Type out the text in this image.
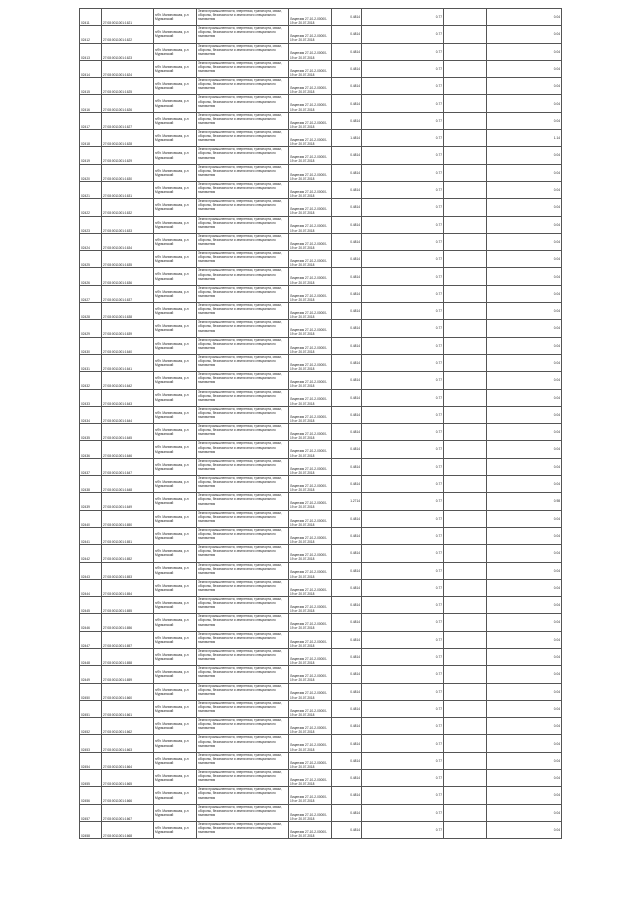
02411	27:08:0011001:1621	п/бт. Малиновская, р-н Мурманский	Земли промышленности, энергетики, транспорта, связи, обороны, безопасности и земли иного специального назначения	Лицензия 27-10-2-00000-19 от 20.07.2018	0.4814	0.77		0.04
02412	27:08:0011001:1622	п/бт. Малиновская, р-н Мурманский	Земли промышленности, энергетики, транспорта, связи, обороны, безопасности и земли иного специального назначения	Лицензия 27-10-2-00000-19 от 20.07.2018	0.4814	0.77		0.04
02413	27:08:0011001:1623	п/бт. Малиновская, р-н Мурманский	Земли промышленности, энергетики, транспорта, связи, обороны, безопасности и земли иного специального назначения	Лицензия 27-10-2-00000-19 от 20.07.2018	0.4814	0.77		0.04
02414	27:08:0011001:1624	п/бт. Малиновская, р-н Мурманский	Земли промышленности, энергетики, транспорта, связи, обороны, безопасности и земли иного специального назначения	Лицензия 27-10-2-00000-19 от 20.07.2018	0.4814	0.77		0.04
02415	27:08:0011001:1625	п/бт. Малиновская, р-н Мурманский	Земли промышленности, энергетики, транспорта, связи, обороны, безопасности и земли иного специального назначения	Лицензия 27-10-2-00000-19 от 20.07.2018	0.4814	0.77		0.04
02416	27:08:0011001:1626	п/бт. Малиновская, р-н Мурманский	Земли промышленности, энергетики, транспорта, связи, обороны, безопасности и земли иного специального назначения	Лицензия 27-10-2-00000-19 от 20.07.2018	0.4814	0.77		0.04
02417	27:08:0011001:1627	п/бт. Малиновская, р-н Мурманский	Земли промышленности, энергетики, транспорта, связи, обороны, безопасности и земли иного специального назначения	Лицензия 27-10-2-00000-19 от 20.07.2018	0.4814	0.77		0.04
02418	27:08:0011001:1628	п/бт. Малиновская, р-н Мурманский	Земли промышленности, энергетики, транспорта, связи, обороны, безопасности и земли иного специального назначения	Лицензия 27-10-2-00000-19 от 20.07.2018	1.4814	0.77		1.14
02419	27:08:0011001:1629	п/бт. Малиновская, р-н Мурманский	Земли промышленности, энергетики, транспорта, связи, обороны, безопасности и земли иного специального назначения	Лицензия 27-10-2-00000-19 от 20.07.2018	0.4814	0.77		0.04
02420	27:08:0011001:1630	п/бт. Малиновская, р-н Мурманский	Земли промышленности, энергетики, транспорта, связи, обороны, безопасности и земли иного специального назначения	Лицензия 27-10-2-00000-19 от 20.07.2018	0.4814	0.77		0.04
02421	27:08:0011001:1631	п/бт. Малиновская, р-н Мурманский	Земли промышленности, энергетики, транспорта, связи, обороны, безопасности и земли иного специального назначения	Лицензия 27-10-2-00000-19 от 20.07.2018	0.4814	0.77		0.04
02422	27:08:0011001:1632	п/бт. Малиновская, р-н Мурманский	Земли промышленности, энергетики, транспорта, связи, обороны, безопасности и земли иного специального назначения	Лицензия 27-10-2-00000-19 от 20.07.2018	0.4814	0.77		0.04
02423	27:08:0011001:1633	п/бт. Малиновская, р-н Мурманский	Земли промышленности, энергетики, транспорта, связи, обороны, безопасности и земли иного специального назначения	Лицензия 27-10-2-00000-19 от 20.07.2018	0.4814	0.77		0.04
02424	27:08:0011001:1634	п/бт. Малиновская, р-н Мурманский	Земли промышленности, энергетики, транспорта, связи, обороны, безопасности и земли иного специального назначения	Лицензия 27-10-2-00000-19 от 20.07.2018	0.4814	0.77		0.04
02425	27:08:0011001:1635	п/бт. Малиновская, р-н Мурманский	Земли промышленности, энергетики, транспорта, связи, обороны, безопасности и земли иного специального назначения	Лицензия 27-10-2-00000-19 от 20.07.2018	0.4814	0.77		0.04
02426	27:08:0011001:1636	п/бт. Малиновская, р-н Мурманский	Земли промышленности, энергетики, транспорта, связи, обороны, безопасности и земли иного специального назначения	Лицензия 27-10-2-00000-19 от 20.07.2018	0.4814	0.77		0.04
02427	27:08:0011001:1637	п/бт. Малиновская, р-н Мурманский	Земли промышленности, энергетики, транспорта, связи, обороны, безопасности и земли иного специального назначения	Лицензия 27-10-2-00000-19 от 20.07.2018	0.4814	0.77		0.04
02428	27:08:0011001:1638	п/бт. Малиновская, р-н Мурманский	Земли промышленности, энергетики, транспорта, связи, обороны, безопасности и земли иного специального назначения	Лицензия 27-10-2-00000-19 от 20.07.2018	0.4814	0.77		0.04
02429	27:08:0011001:1639	п/бт. Малиновская, р-н Мурманский	Земли промышленности, энергетики, транспорта, связи, обороны, безопасности и земли иного специального назначения	Лицензия 27-10-2-00000-19 от 20.07.2018	0.4814	0.77		0.04
02430	27:08:0011001:1640	п/бт. Малиновская, р-н Мурманский	Земли промышленности, энергетики, транспорта, связи, обороны, безопасности и земли иного специального назначения	Лицензия 27-10-2-00000-19 от 20.07.2018	0.4814	0.77		0.04
02431	27:08:0011001:1641	п/бт. Малиновская, р-н Мурманский	Земли промышленности, энергетики, транспорта, связи, обороны, безопасности и земли иного специального назначения	Лицензия 27-10-2-00000-19 от 20.07.2018	0.4814	0.77		0.04
02432	27:08:0011001:1642	п/бт. Малиновская, р-н Мурманский	Земли промышленности, энергетики, транспорта, связи, обороны, безопасности и земли иного специального назначения	Лицензия 27-10-2-00000-19 от 20.07.2018	0.4814	0.77		0.04
02433	27:08:0011001:1643	п/бт. Малиновская, р-н Мурманский	Земли промышленности, энергетики, транспорта, связи, обороны, безопасности и земли иного специального назначения	Лицензия 27-10-2-00000-19 от 20.07.2018	0.4814	0.77		0.04
02434	27:08:0011001:1644	п/бт. Малиновская, р-н Мурманский	Земли промышленности, энергетики, транспорта, связи, обороны, безопасности и земли иного специального назначения	Лицензия 27-10-2-00000-19 от 20.07.2018	0.4814	0.77		0.04
02435	27:08:0011001:1645	п/бт. Малиновская, р-н Мурманский	Земли промышленности, энергетики, транспорта, связи, обороны, безопасности и земли иного специального назначения	Лицензия 27-10-2-00000-19 от 20.07.2018	0.4814	0.77		0.04
02436	27:08:0011001:1646	п/бт. Малиновская, р-н Мурманский	Земли промышленности, энергетики, транспорта, связи, обороны, безопасности и земли иного специального назначения	Лицензия 27-10-2-00000-19 от 20.07.2018	0.4814	0.77		0.04
02437	27:08:0011001:1647	п/бт. Малиновская, р-н Мурманский	Земли промышленности, энергетики, транспорта, связи, обороны, безопасности и земли иного специального назначения	Лицензия 27-10-2-00000-19 от 20.07.2018	0.4814	0.77		0.04
02438	27:08:0011001:1648	п/бт. Малиновская, р-н Мурманский	Земли промышленности, энергетики, транспорта, связи, обороны, безопасности и земли иного специального назначения	Лицензия 27-10-2-00000-19 от 20.07.2018	0.4814	0.77		0.04
02439	27:08:0011001:1649	п/бт. Малиновская, р-н Мурманский	Земли промышленности, энергетики, транспорта, связи, обороны, безопасности и земли иного специального назначения	Лицензия 27-10-2-00000-19 от 20.07.2018	1.2714	0.77		0.98
02440	27:08:0011001:1650	п/бт. Малиновская, р-н Мурманский	Земли промышленности, энергетики, транспорта, связи, обороны, безопасности и земли иного специального назначения	Лицензия 27-10-2-00000-19 от 20.07.2018	0.4814	0.77		0.04
02441	27:08:0011001:1651	п/бт. Малиновская, р-н Мурманский	Земли промышленности, энергетики, транспорта, связи, обороны, безопасности и земли иного специального назначения	Лицензия 27-10-2-00000-19 от 20.07.2018	0.4814	0.77		0.04
02442	27:08:0011001:1652	п/бт. Малиновская, р-н Мурманский	Земли промышленности, энергетики, транспорта, связи, обороны, безопасности и земли иного специального назначения	Лицензия 27-10-2-00000-19 от 20.07.2018	0.4814	0.77		0.04
02443	27:08:0011001:1653	п/бт. Малиновская, р-н Мурманский	Земли промышленности, энергетики, транспорта, связи, обороны, безопасности и земли иного специального назначения	Лицензия 27-10-2-00000-19 от 20.07.2018	0.4814	0.77		0.04
02444	27:08:0011001:1654	п/бт. Малиновская, р-н Мурманский	Земли промышленности, энергетики, транспорта, связи, обороны, безопасности и земли иного специального назначения	Лицензия 27-10-2-00000-19 от 20.07.2018	0.4814	0.77		0.04
02445	27:08:0011001:1655	п/бт. Малиновская, р-н Мурманский	Земли промышленности, энергетики, транспорта, связи, обороны, безопасности и земли иного специального назначения	Лицензия 27-10-2-00000-19 от 20.07.2018	0.4814	0.77		0.04
02446	27:08:0011001:1656	п/бт. Малиновская, р-н Мурманский	Земли промышленности, энергетики, транспорта, связи, обороны, безопасности и земли иного специального назначения	Лицензия 27-10-2-00000-19 от 20.07.2018	0.4814	0.77		0.04
02447	27:08:0011001:1657	п/бт. Малиновская, р-н Мурманский	Земли промышленности, энергетики, транспорта, связи, обороны, безопасности и земли иного специального назначения	Лицензия 27-10-2-00000-19 от 20.07.2018	0.4814	0.77		0.04
02448	27:08:0011001:1658	п/бт. Малиновская, р-н Мурманский	Земли промышленности, энергетики, транспорта, связи, обороны, безопасности и земли иного специального назначения	Лицензия 27-10-2-00000-19 от 20.07.2018	0.4814	0.77		0.04
02449	27:08:0011001:1659	п/бт. Малиновская, р-н Мурманский	Земли промышленности, энергетики, транспорта, связи, обороны, безопасности и земли иного специального назначения	Лицензия 27-10-2-00000-19 от 20.07.2018	0.4814	0.77		0.04
02450	27:08:0011001:1660	п/бт. Малиновская, р-н Мурманский	Земли промышленности, энергетики, транспорта, связи, обороны, безопасности и земли иного специального назначения	Лицензия 27-10-2-00000-19 от 20.07.2018	0.4814	0.77		0.04
02451	27:08:0011001:1661	п/бт. Малиновская, р-н Мурманский	Земли промышленности, энергетики, транспорта, связи, обороны, безопасности и земли иного специального назначения	Лицензия 27-10-2-00000-19 от 20.07.2018	0.4814	0.77		0.04
02452	27:08:0011001:1662	п/бт. Малиновская, р-н Мурманский	Земли промышленности, энергетики, транспорта, связи, обороны, безопасности и земли иного специального назначения	Лицензия 27-10-2-00000-19 от 20.07.2018	0.4814	0.77		0.04
02453	27:08:0011001:1663	п/бт. Малиновская, р-н Мурманский	Земли промышленности, энергетики, транспорта, связи, обороны, безопасности и земли иного специального назначения	Лицензия 27-10-2-00000-19 от 20.07.2018	0.4814	0.77		0.04
02454	27:08:0011001:1664	п/бт. Малиновская, р-н Мурманский	Земли промышленности, энергетики, транспорта, связи, обороны, безопасности и земли иного специального назначения	Лицензия 27-10-2-00000-19 от 20.07.2018	0.4814	0.77		0.04
02455	27:08:0011001:1665	п/бт. Малиновская, р-н Мурманский	Земли промышленности, энергетики, транспорта, связи, обороны, безопасности и земли иного специального назначения	Лицензия 27-10-2-00000-19 от 20.07.2018	0.4814	0.77		0.04
02456	27:08:0011001:1666	п/бт. Малиновская, р-н Мурманский	Земли промышленности, энергетики, транспорта, связи, обороны, безопасности и земли иного специального назначения	Лицензия 27-10-2-00000-19 от 20.07.2018	0.4814	0.77		0.04
02457	27:08:0011001:1667	п/бт. Малиновская, р-н Мурманский	Земли промышленности, энергетики, транспорта, связи, обороны, безопасности и земли иного специального назначения	Лицензия 27-10-2-00000-19 от 20.07.2018	0.4814	0.77		0.04
02458	27:08:0011001:1668	п/бт. Малиновская, р-н Мурманский	Земли промышленности, энергетики, транспорта, связи, обороны, безопасности и земли иного специального назначения	Лицензия 27-10-2-00000-19 от 20.07.2018	0.4814	0.77		0.04
